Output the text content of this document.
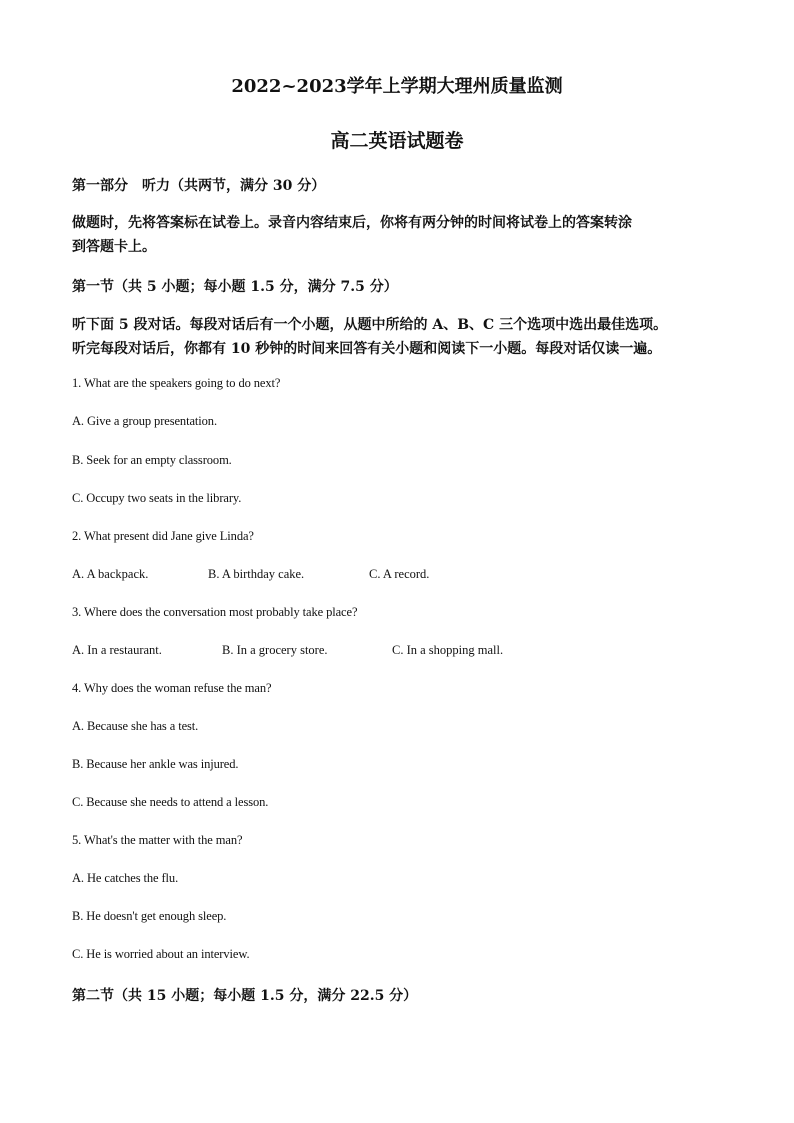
2022~2023学年上学期大理州质量监测
高二英语试题卷
第一部分　听力（共两节，满分 30 分）
做题时，先将答案标在试卷上。录音内容结束后，你将有两分钟的时间将试卷上的答案转涂
到答题卡上。
第一节（共 5 小题；每小题 1.5 分，满分 7.5 分）
听下面 5 段对话。每段对话后有一个小题，从题中所给的 A、B、C 三个选项中选出最佳选项。
听完每段对话后，你都有 10 秒钟的时间来回答有关小题和阅读下一小题。每段对话仅读一遍。
1. What are the speakers going to do next?
A. Give a group presentation.
B. Seek for an empty classroom.
C. Occupy two seats in the library.
2. What present did Jane give Linda?
A. A backpack.	B. A birthday cake.	C. A record.
3. Where does the conversation most probably take place?
A. In a restaurant.	B. In a grocery store.	C. In a shopping mall.
4. Why does the woman refuse the man?
A. Because she has a test.
B. Because her ankle was injured.
C. Because she needs to attend a lesson.
5. What's the matter with the man?
A. He catches the flu.
B. He doesn't get enough sleep.
C. He is worried about an interview.
第二节（共 15 小题；每小题 1.5 分，满分 22.5 分）
